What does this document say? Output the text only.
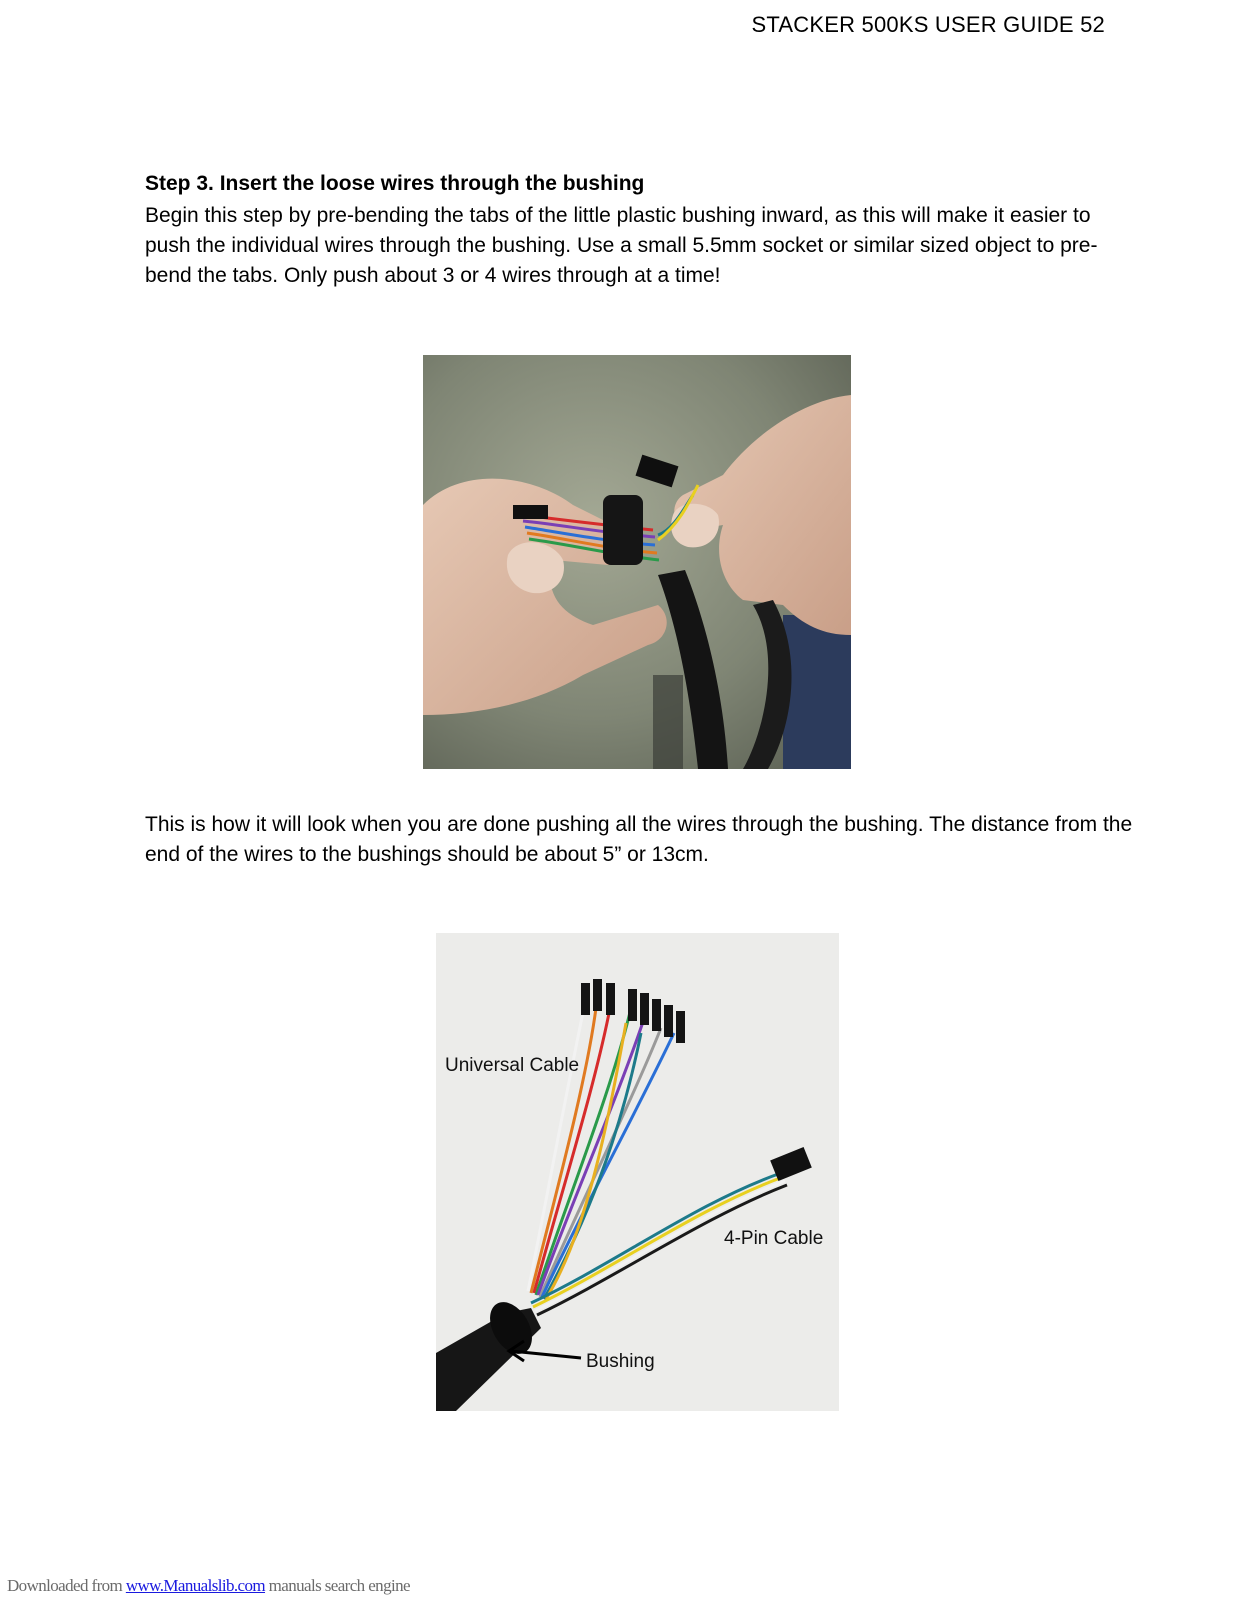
STACKER 500KS USER GUIDE 52
Step 3. Insert the loose wires through the bushing

Begin this step by pre-bending the tabs of the little plastic bushing inward, as this will make it easier to push the individual wires through the bushing. Use a small 5.5mm socket or similar sized object to pre-bend the tabs. Only push about 3 or 4 wires through at a time!

This is how it will look when you are done pushing all the wires through the bushing. The distance from the end of the wires to the bushings should be about 5” or 13cm.

Universal Cable
4-Pin Cable
Bushing
Downloaded from www.Manualslib.com manuals search engine
